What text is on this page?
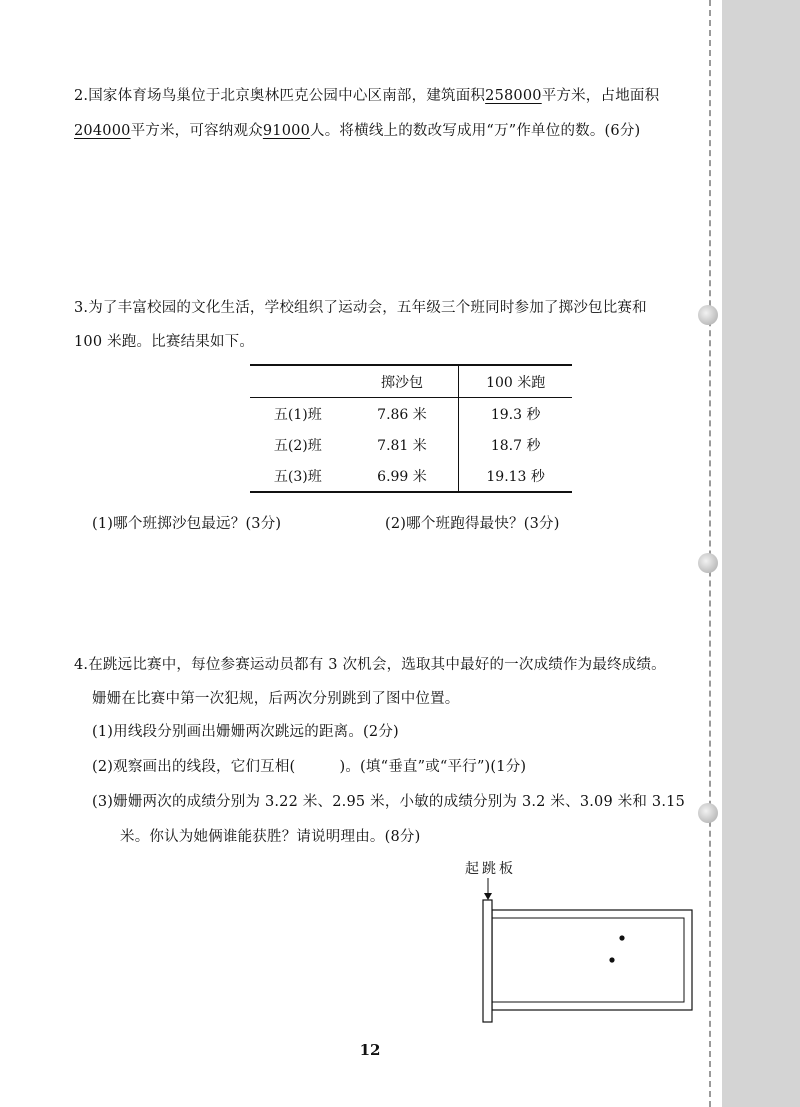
2.国家体育场鸟巢位于北京奥林匹克公园中心区南部，建筑面积258000平方米，占地面积
204000平方米，可容纳观众91000人。将横线上的数改写成用“万”作单位的数。(6分)
3.为了丰富校园的文化生活，学校组织了运动会，五年级三个班同时参加了掷沙包比赛和
100 米跑。比赛结果如下。
	掷沙包	100 米跑
五(1)班	7.86 米	19.3 秒
五(2)班	7.81 米	18.7 秒
五(3)班	6.99 米	19.13 秒
(1)哪个班掷沙包最远？(3分)	(2)哪个班跑得最快？(3分)
4.在跳远比赛中，每位参赛运动员都有 3 次机会，选取其中最好的一次成绩作为最终成绩。
姗姗在比赛中第一次犯规，后两次分别跳到了图中位置。
(1)用线段分别画出姗姗两次跳远的距离。(2分)
(2)观察画出的线段，它们互相(　　　)。(填“垂直”或“平行”)(1分)
(3)姗姗两次的成绩分别为 3.22 米、2.95 米，小敏的成绩分别为 3.2 米、3.09 米和 3.15
米。你认为她俩谁能获胜？请说明理由。(8分)
起跳板
12
